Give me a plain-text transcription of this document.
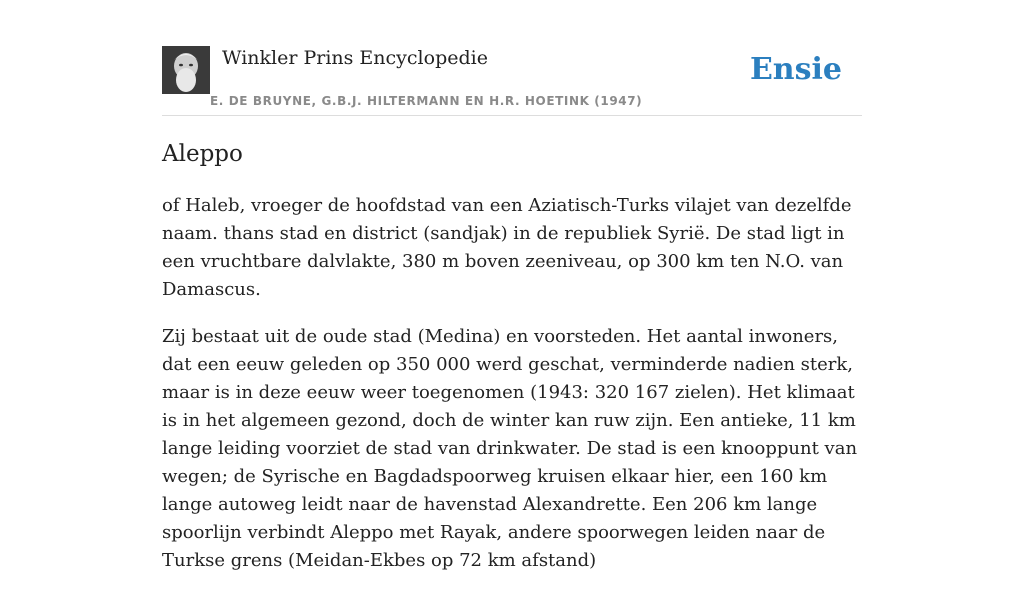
Winkler Prins Encyclopedie
E. DE BRUYNE, G.B.J. HILTERMANN EN H.R. HOETINK (1947)
Ensie
Aleppo

of Haleb, vroeger de hoofdstad van een Aziatisch-Turks vilajet van dezelfde naam. thans stad en district (sandjak) in de republiek Syrië. De stad ligt in een vruchtbare dalvlakte, 380 m boven zeeniveau, op 300 km ten N.O. van Damascus.

Zij bestaat uit de oude stad (Medina) en voorsteden. Het aantal inwoners, dat een eeuw geleden op 350 000 werd geschat, verminderde nadien sterk, maar is in deze eeuw weer toegenomen (1943: 320 167 zielen). Het klimaat is in het algemeen gezond, doch de winter kan ruw zijn. Een antieke, 11 km lange leiding voorziet de stad van drinkwater. De stad is een knooppunt van wegen; de Syrische en Bagdadspoorweg kruisen elkaar hier, een 160 km lange autoweg leidt naar de havenstad Alexandrette. Een 206 km lange spoorlijn verbindt Aleppo met Rayak, andere spoorwegen leiden naar de Turkse grens (Meidan-Ekbes op 72 km afstand)
